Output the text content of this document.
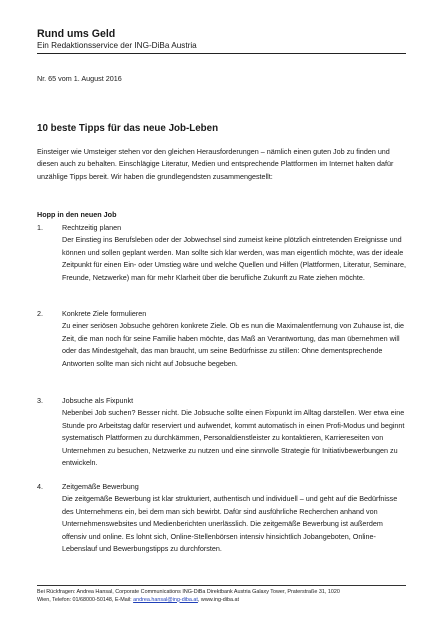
Rund ums Geld
Ein Redaktionsservice der ING-DiBa Austria
Nr. 65 vom 1. August 2016
10 beste Tipps für das neue Job-Leben
Einsteiger wie Umsteiger stehen vor den gleichen Herausforderungen – nämlich einen guten Job zu finden und diesen auch zu behalten. Einschlägige Literatur, Medien und entsprechende Plattformen im Internet halten dafür unzählige Tipps bereit. Wir haben die grundlegendsten zusammengestellt:
Hopp in den neuen Job
1.	Rechtzeitig planen
Der Einstieg ins Berufsleben oder der Jobwechsel sind zumeist keine plötzlich eintretenden Ereignisse und können und sollen geplant werden. Man sollte sich klar werden, was man eigentlich möchte, was der ideale Zeitpunkt für einen Ein- oder Umstieg wäre und welche Quellen und Hilfen (Plattformen, Literatur, Seminare, Freunde, Netzwerke) man für mehr Klarheit über die berufliche Zukunft zu Rate ziehen möchte.
2.	Konkrete Ziele formulieren
Zu einer seriösen Jobsuche gehören konkrete Ziele. Ob es nun die Maximalentfernung von Zuhause ist, die Zeit, die man noch für seine Familie haben möchte, das Maß an Verantwortung, das man übernehmen will oder das Mindestgehalt, das man braucht, um seine Bedürfnisse zu stillen: Ohne dementsprechende Antworten sollte man sich nicht auf Jobsuche begeben.
3.	Jobsuche als Fixpunkt
Nebenbei Job suchen? Besser nicht. Die Jobsuche sollte einen Fixpunkt im Alltag darstellen. Wer etwa eine Stunde pro Arbeitstag dafür reserviert und aufwendet, kommt automatisch in einen Profi-Modus und beginnt systematisch Plattformen zu durchkämmen, Personaldienstleister zu kontaktieren, Karriereseiten von Unternehmen zu besuchen, Netzwerke zu nutzen und eine sinnvolle Strategie für Initiativbewerbungen zu entwickeln.
4.	Zeitgemäße Bewerbung
Die zeitgemäße Bewerbung ist klar strukturiert, authentisch und individuell – und geht auf die Bedürfnisse des Unternehmens ein, bei dem man sich bewirbt. Dafür sind ausführliche Recherchen anhand von Unternehmenswebsites und Medienberichten unerlässlich. Die zeitgemäße Bewerbung ist außerdem offensiv und online. Es lohnt sich, Online-Stellenbörsen intensiv hinsichtlich Jobangeboten, Online-Lebenslauf und Bewerbungstipps zu durchforsten.
Bei Rückfragen: Andrea Hansal, Corporate Communications ING-DiBa Direktbank Austria Galaxy Tower, Praterstraße 31, 1020
Wien, Telefon: 01/68000-50148, E-Mail: andrea.hansal@ing-diba.at, www.ing-diba.at
